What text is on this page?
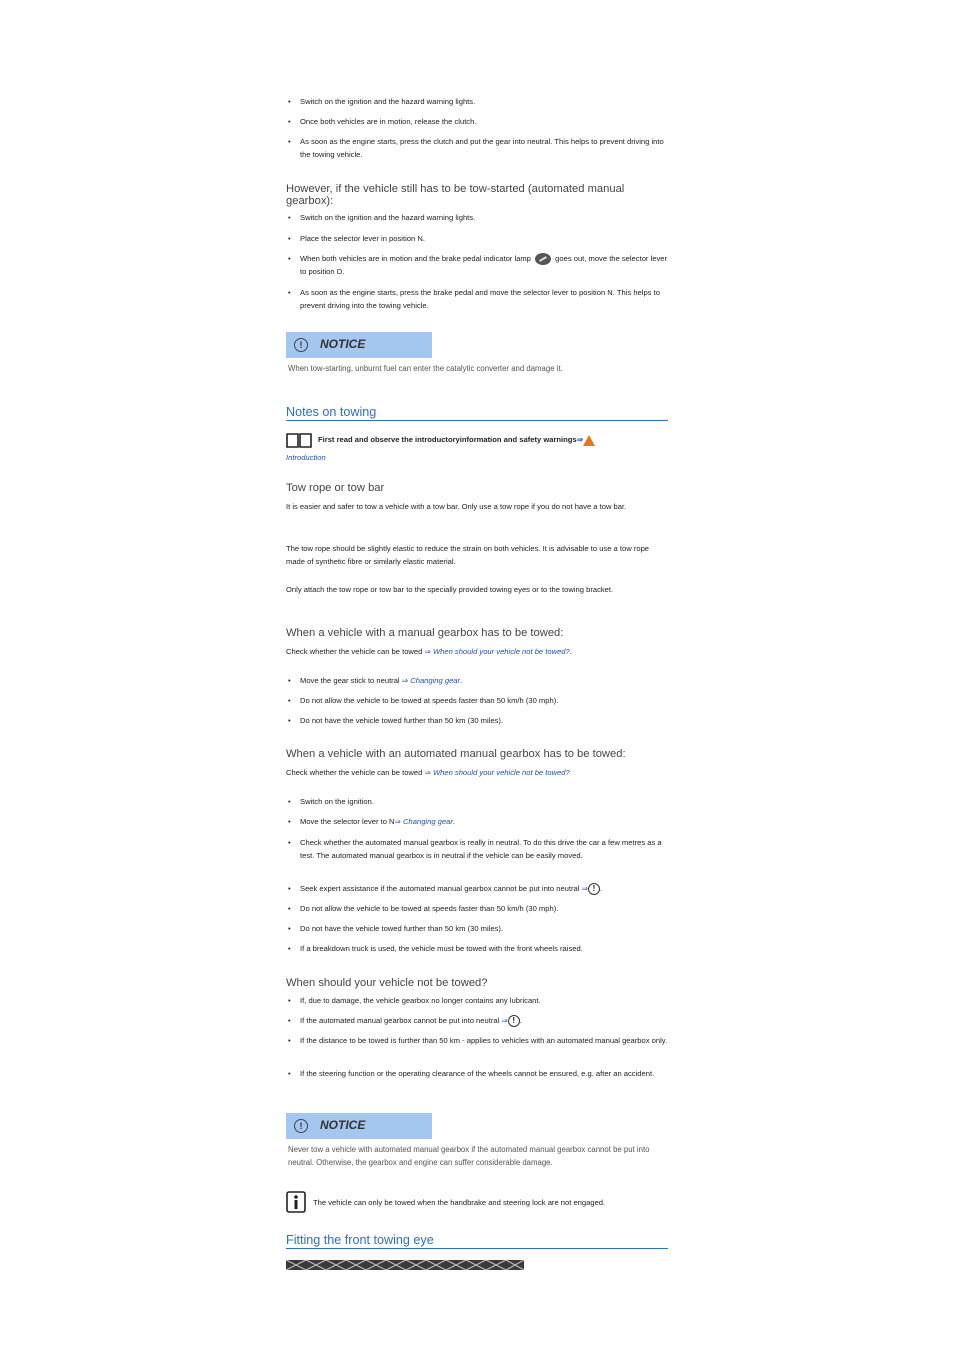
•	Switch on the ignition and the hazard warning lights.
•	Once both vehicles are in motion, release the clutch.
•	As soon as the engine starts, press the clutch and put the gear into neutral. This helps to prevent driving into the towing vehicle.
However, if the vehicle still has to be tow-started (automated manual gearbox):
•	Switch on the ignition and the hazard warning lights.
•	Place the selector lever in position N.
•	When both vehicles are in motion and the brake pedal indicator lamp	goes out, move the selector lever to position D.
•	As soon as the engine starts, press the brake pedal and move the selector lever to position N. This helps to prevent driving into the towing vehicle.
!	NOTICE
When tow-starting, unburnt fuel can enter the catalytic converter and damage it.
Notes on towing
First read and observe the introductoryinformation and safety warnings⇒
Introduction
Tow rope or tow bar
It is easier and safer to tow a vehicle with a tow bar. Only use a tow rope if you do not have a tow bar.
The tow rope should be slightly elastic to reduce the strain on both vehicles. It is advisable to use a tow rope made of synthetic fibre or similarly elastic material.
Only attach the tow rope or tow bar to the specially provided towing eyes or to the towing bracket.
When a vehicle with a manual gearbox has to be towed:
Check whether the vehicle can be towed ⇒ When should your vehicle not be towed?.
•	Move the gear stick to neutral ⇒ Changing gear.
•	Do not allow the vehicle to be towed at speeds faster than 50 km/h (30 mph).
•	Do not have the vehicle towed further than 50 km (30 miles).
When a vehicle with an automated manual gearbox has to be towed:
Check whether the vehicle can be towed ⇒ When should your vehicle not be towed?
•	Switch on the ignition.
•	Move the selector lever to N⇒ Changing gear.
•	Check whether the automated manual gearbox is really in neutral. To do this drive the car a few metres as a test. The automated manual gearbox is in neutral if the vehicle can be easily moved.
•	Seek expert assistance if the automated manual gearbox cannot be put into neutral ⇒ ! .
•	Do not allow the vehicle to be towed at speeds faster than 50 km/h (30 mph).
•	Do not have the vehicle towed further than 50 km (30 miles).
•	If a breakdown truck is used, the vehicle must be towed with the front wheels raised.
When should your vehicle not be towed?
•	If, due to damage, the vehicle gearbox no longer contains any lubricant.
•	If the automated manual gearbox cannot be put into neutral ⇒ ! .
•	If the distance to be towed is further than 50 km - applies to vehicles with an automated manual gearbox only.
•	If the steering function or the operating clearance of the wheels cannot be ensured, e.g. after an accident.
!	NOTICE
Never tow a vehicle with automated manual gearbox if the automated manual gearbox cannot be put into neutral. Otherwise, the gearbox and engine can suffer considerable damage.
The vehicle can only be towed when the handbrake and steering lock are not engaged.
Fitting the front towing eye
